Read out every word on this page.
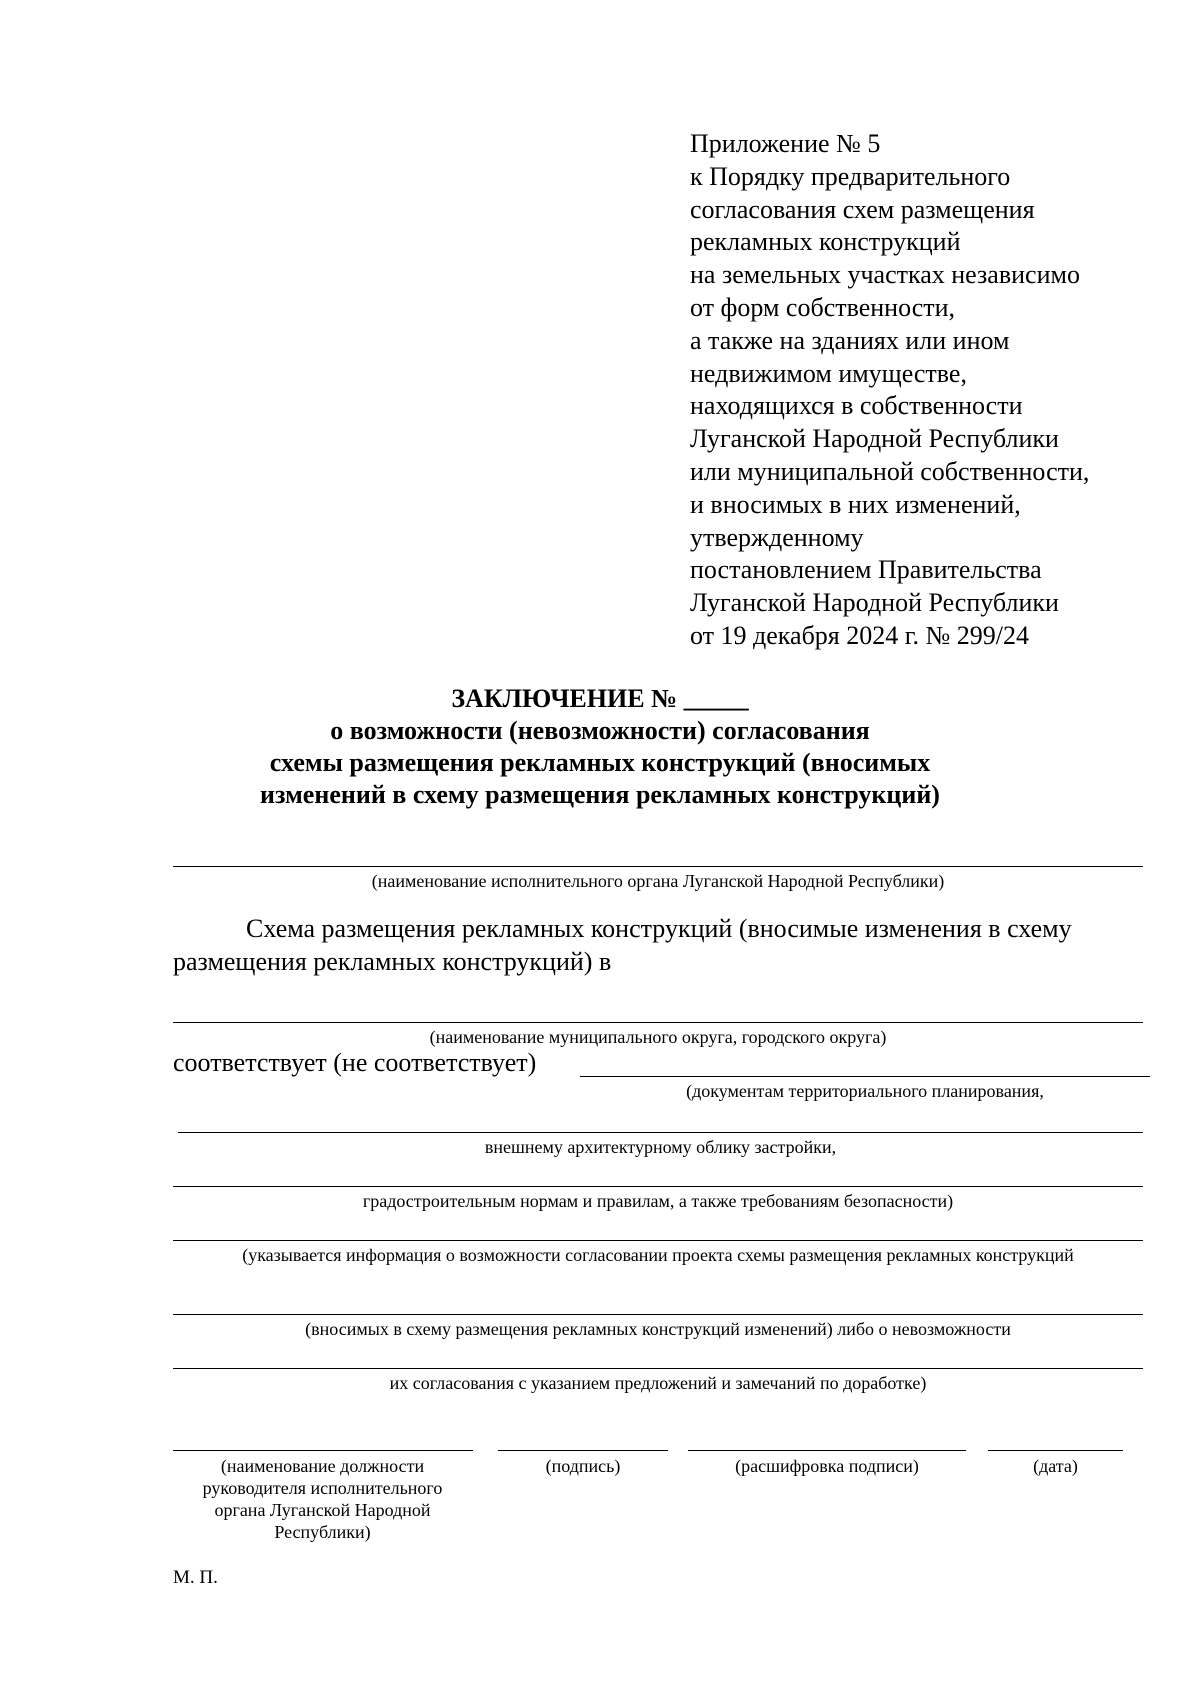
Приложение № 5
к Порядку предварительного
согласования схем размещения
рекламных конструкций
на земельных участках независимо
от форм собственности,
а также на зданиях или ином
недвижимом имуществе,
находящихся в собственности
Луганской Народной Республики
или муниципальной собственности,
и вносимых в них изменений,
утвержденному
постановлением Правительства
Луганской Народной Республики
от 19 декабря 2024 г. № 299/24
ЗАКЛЮЧЕНИЕ № _____
о возможности (невозможности) согласования
схемы размещения рекламных конструкций (вносимых
изменений в схему размещения рекламных конструкций)
(наименование исполнительного органа Луганской Народной Республики)
Схема размещения рекламных конструкций (вносимые изменения в схему
размещения рекламных конструкций) в
(наименование муниципального округа, городского округа)
соответствует (не соответствует)
(документам территориального планирования,
внешнему архитектурному облику застройки,
градостроительным нормам и правилам, а также требованиям безопасности)
(указывается информация о возможности согласовании проекта схемы размещения рекламных конструкций
(вносимых в схему размещения рекламных конструкций изменений) либо о невозможности
их согласования с указанием предложений и замечаний по доработке)
(наименование должности руководителя исполнительного органа Луганской Народной Республики)
(подпись)	(расшифровка подписи)	(дата)
М. П.
